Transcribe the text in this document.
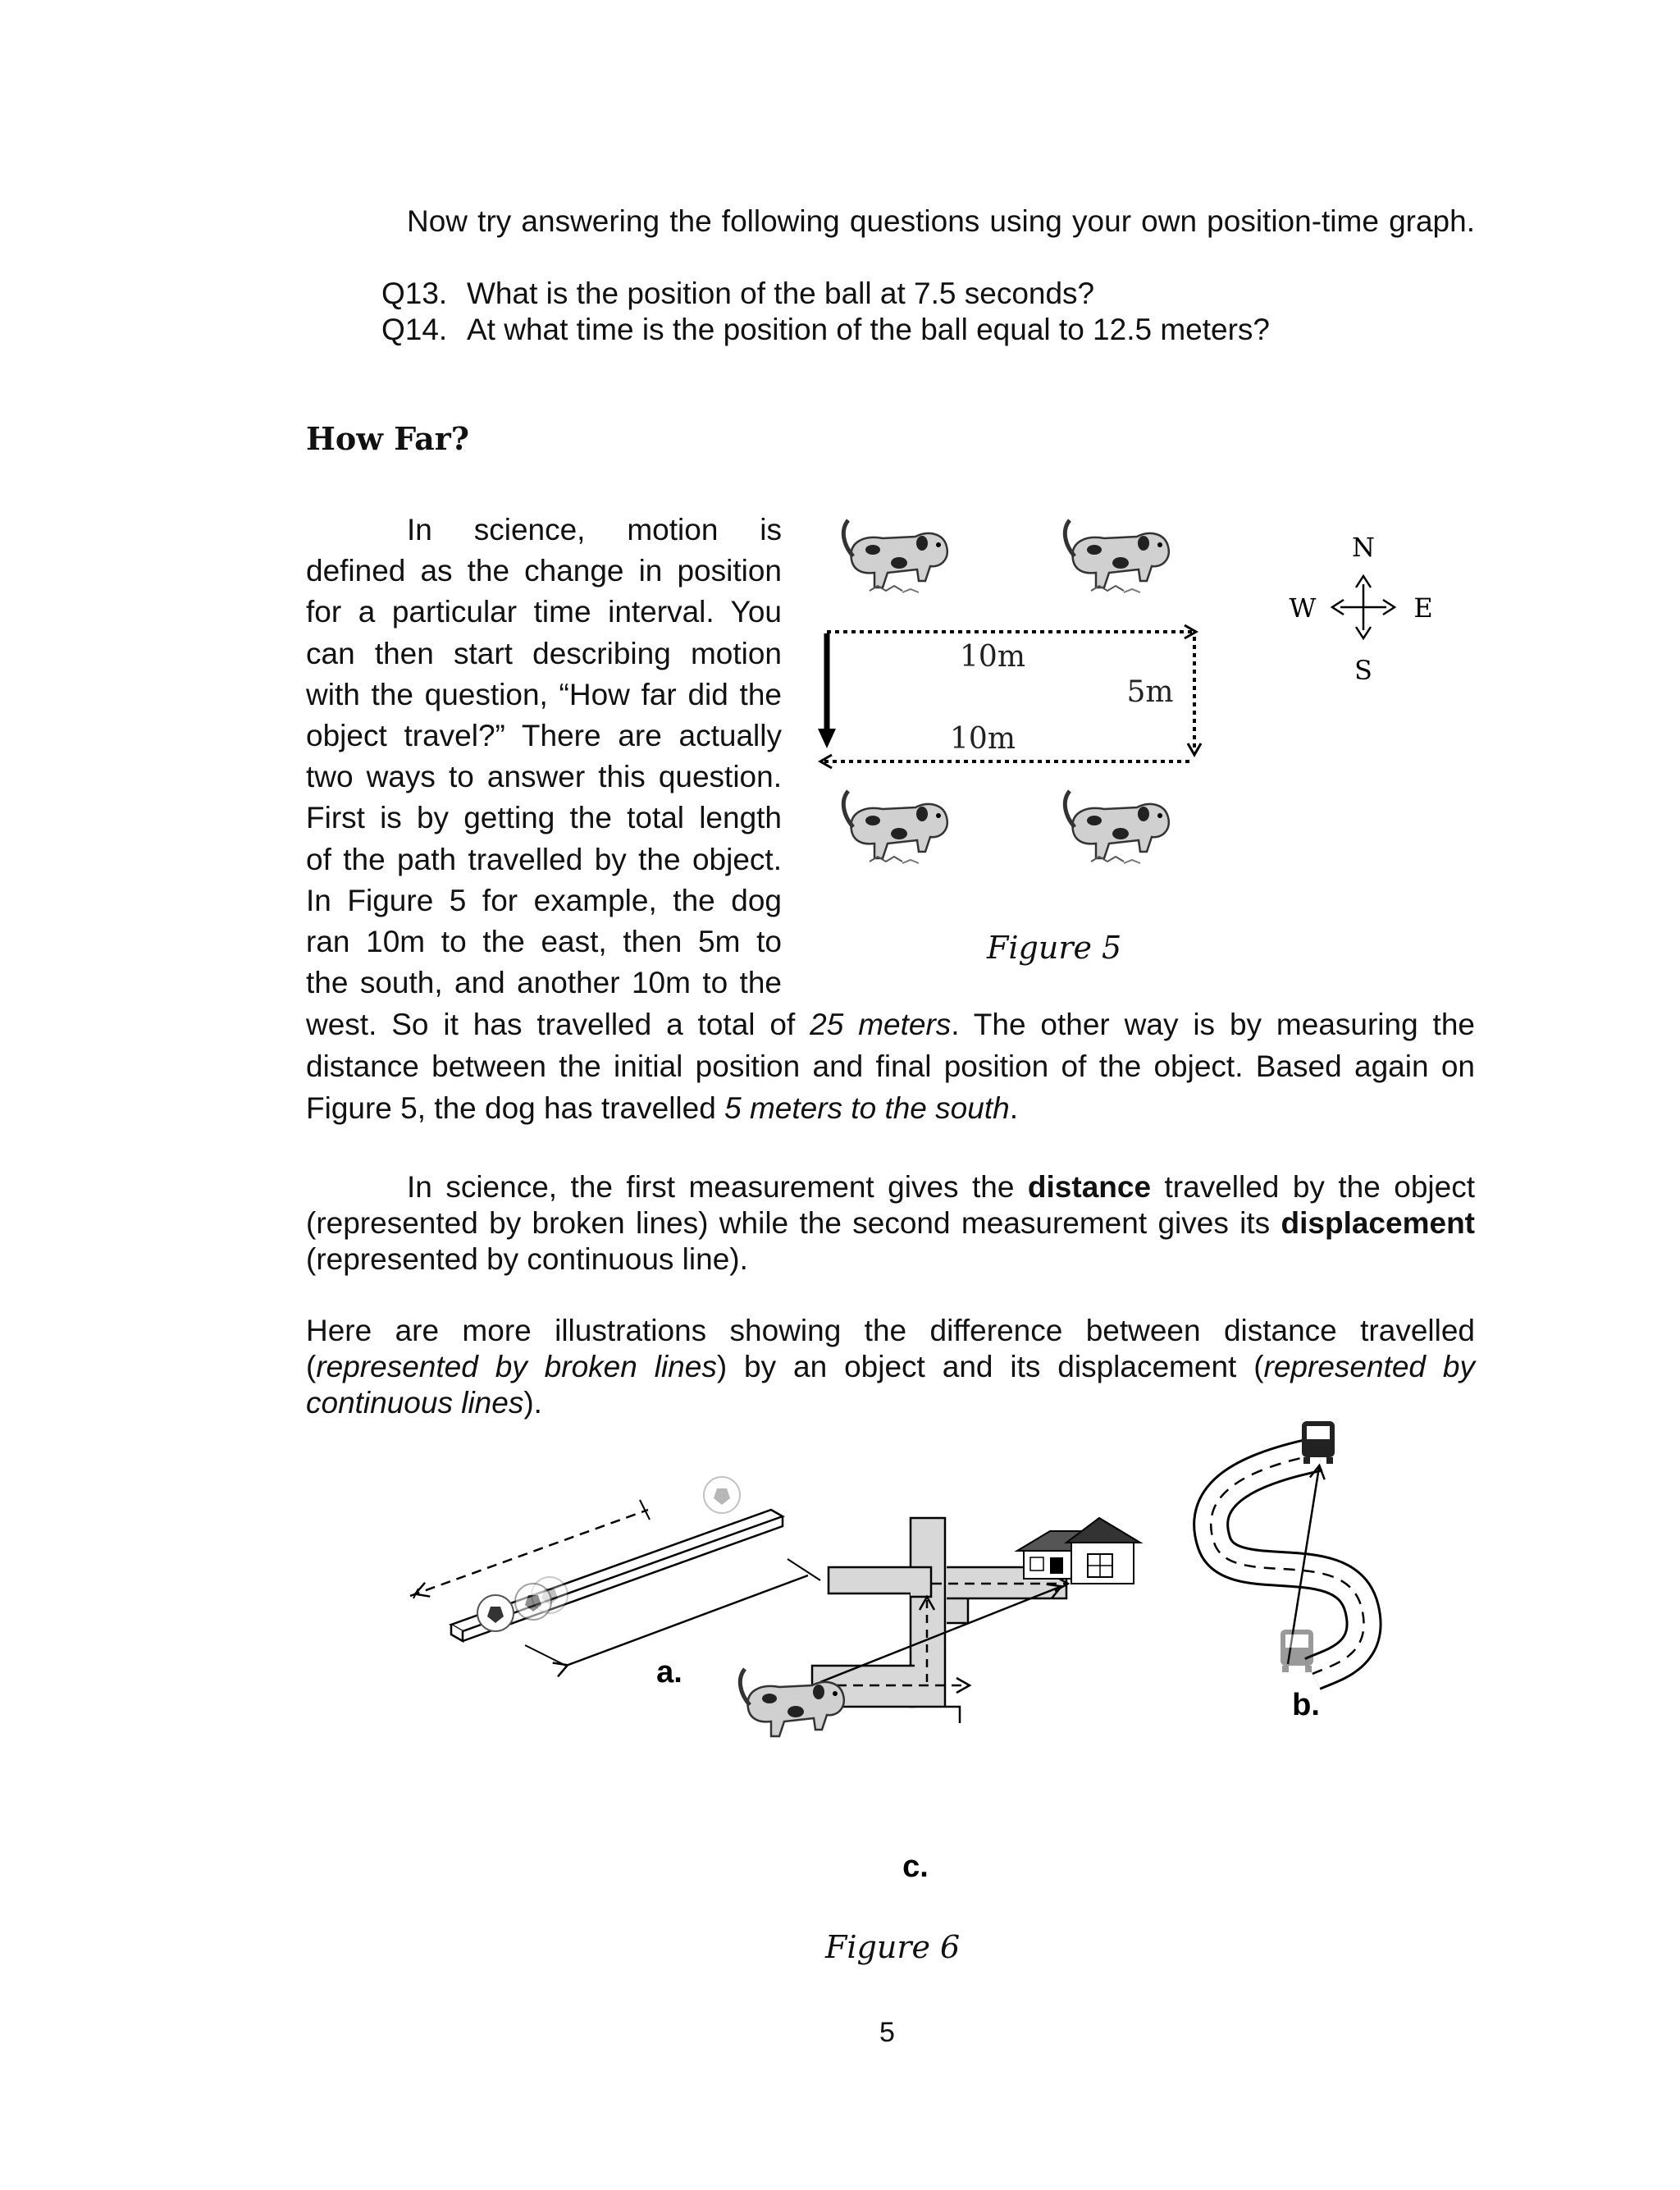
Now try answering the following questions using your own position-time graph.
Q13. What is the position of the ball at 7.5 seconds?
Q14. At what time is the position of the ball equal to 12.5 meters?
How Far?
In science, motion is
defined as the change in position
for a particular time interval. You
can then start describing motion
with the question, “How far did the
object travel?” There are actually
two ways to answer this question.
First is by getting the total length
of the path travelled by the object.
In Figure 5 for example, the dog
ran 10m to the east, then 5m to
the south, and another 10m to the
west. So it has travelled a total of 25 meters. The other way is by measuring the distance between the initial position and final position of the object. Based again on Figure 5, the dog has travelled 5 meters to the south.
In science, the first measurement gives the distance travelled by the object (represented by broken lines) while the second measurement gives its displacement (represented by continuous line).
Here are more illustrations showing the difference between distance travelled (represented by broken lines) by an object and its displacement (represented by continuous lines).
10m
5m
10m
N
S
E
W
Figure 5
a.
b.
c.
Figure 6
5
